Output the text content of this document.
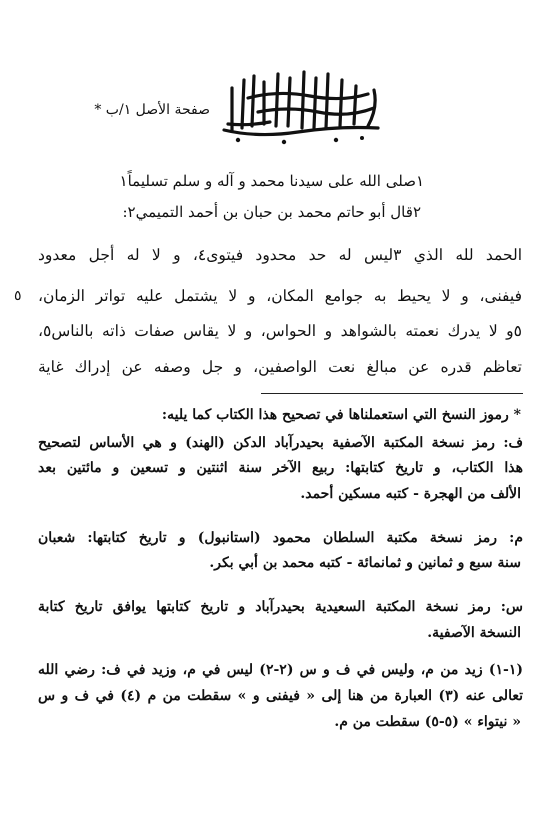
صفحة الأصل ١/ب *
١صلى الله على سيدنا محمد و آله و سلم تسليماً١
٢قال أبو حاتم محمد بن حبان بن أحمد التميمي٢:
الحمد لله الذي ٣ليس له حد محدود فيتوى٤، و لا له أجل معدود
فيفنى، و لا يحيط به جوامع المكان، و لا يشتمل عليه تواتر الزمان،
٥و لا يدرك نعمته بالشواهد و الحواس، و لا يقاس صفات ذاته بالناس٥،
تعاظم قدره عن مبالغ نعت الواصفين، و جل وصفه عن إدراك غاية
٥
* رموز النسخ التي استعملناها في تصحيح هذا الكتاب كما يليه:
ف: رمز نسخة المكتبة الآصفية بحيدرآباد الدكن (الهند) و هي الأساس لتصحيح
هذا الكتاب، و تاريخ كتابتها: ربيع الآخر سنة اثنتين و تسعين و مائتين بعد
الألف من الهجرة - كتبه مسكين أحمد.
م: رمز نسخة مكتبة السلطان محمود (استانبول) و تاريخ كتابتها: شعبان
سنة سبع و ثمانين و ثمانمائة - كتبه محمد بن أبي بكر.
س: رمز نسخة المكتبة السعيدية بحيدرآباد و تاريخ كتابتها يوافق تاريخ كتابة
النسخة الآصفية.
(١-١) زيد من م، وليس في ف و س (٢-٢) ليس في م، وزيد في ف: رضي الله
تعالى عنه (٣) العبارة من هنا إلى « فيفنى و » سقطت من م (٤) في ف و س
« نيتواء » (٥-٥) سقطت من م.
